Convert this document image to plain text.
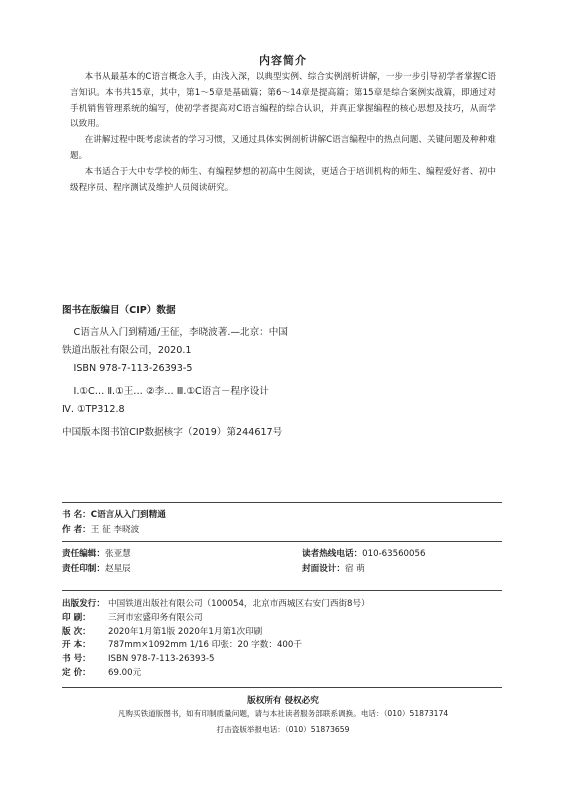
内容简介

本书从最基本的C语言概念入手，由浅入深，以典型实例、综合实例剖析讲解，一步一步引导初学者掌握C语言知识。本书共15章，其中，第1～5章是基础篇；第6～14章是提高篇；第15章是综合案例实战篇，即通过对手机销售管理系统的编写，使初学者提高对C语言编程的综合认识，并真正掌握编程的核心思想及技巧，从而学以致用。

在讲解过程中既考虑读者的学习习惯，又通过具体实例剖析讲解C语言编程中的热点问题、关键问题及种种难题。

本书适合于大中专学校的师生、有编程梦想的初高中生阅读，更适合于培训机构的师生、编程爱好者、初中级程序员、程序测试及维护人员阅读研究。

图书在版编目（CIP）数据
C语言从入门到精通/王征，李晓波著.—北京：中国
铁道出版社有限公司，2020.1
ISBN 978-7-113-26393-5
Ⅰ.①C… Ⅱ.①王… ②李… Ⅲ.①C语言－程序设计
Ⅳ. ①TP312.8
中国版本图书馆CIP数据核字（2019）第244617号
书 名：C语言从入门到精通
作 者：王 征 李晓波
责任编辑：张亚慧	读者热线电话：010-63560056
责任印制：赵星辰	封面设计：宿 萌
出版发行： 中国铁道出版社有限公司（100054，北京市西城区右安门西街8号）
印 刷：	三河市宏盛印务有限公司
版 次：	2020年1月第1版 2020年1月第1次印刷
开 本：	787mm×1092mm 1/16 印张：20 字数：400千
书 号：	ISBN 978-7-113-26393-5
定 价：	69.00元
版权所有 侵权必究
凡购买铁道版图书，如有印制质量问题，请与本社读者服务部联系调换。电话：（010）51873174
打击盗版举报电话：（010）51873659
